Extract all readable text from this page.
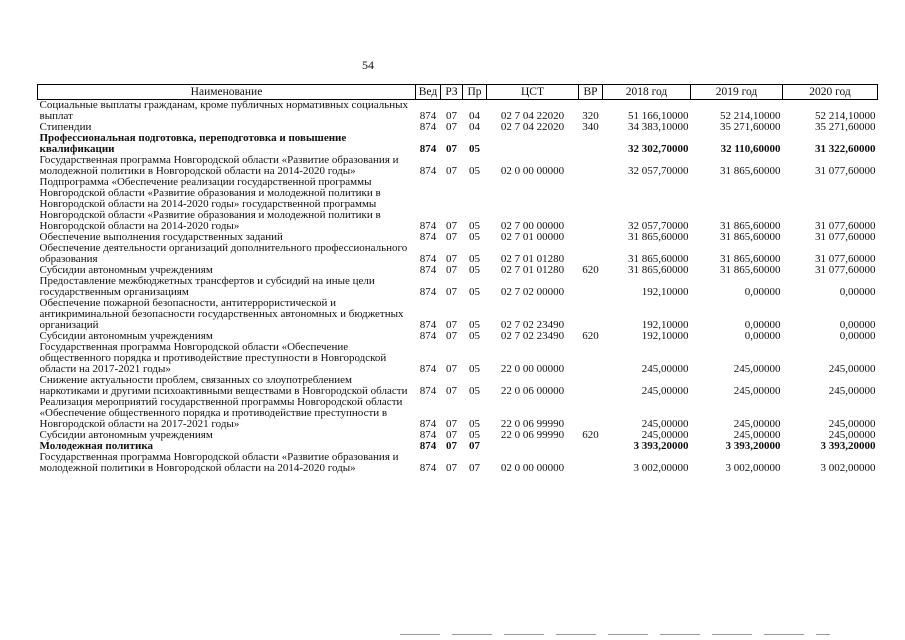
54
Наименование	Вед	РЗ	Пр	ЦСТ	ВР	2018 год	2019 год	2020 год
Социальные выплаты гражданам, кроме публичных нормативных социальных выплат	874	07	04	02 7 04 22020	320	51 166,10000	52 214,10000	52 214,10000
Стипендии	874	07	04	02 7 04 22020	340	34 383,10000	35 271,60000	35 271,60000
Профессиональная подготовка, переподготовка и повышение квалификации	874	07	05			32 302,70000	32 110,60000	31 322,60000
Государственная программа Новгородской области «Развитие образования и молодежной политики в Новгородской области на 2014-2020 годы»	874	07	05	02 0 00 00000		32 057,70000	31 865,60000	31 077,60000
Подпрограмма «Обеспечение реализации государственной программы Новгородской области «Развитие образования и молодежной политики в Новгородской области на 2014-2020 годы» государственной программы Новгородской области «Развитие образования и молодежной политики в Новгородской области на 2014-2020 годы»	874	07	05	02 7 00 00000		32 057,70000	31 865,60000	31 077,60000
Обеспечение выполнения государственных заданий	874	07	05	02 7 01 00000		31 865,60000	31 865,60000	31 077,60000
Обеспечение деятельности организаций дополнительного профессионального образования	874	07	05	02 7 01 01280		31 865,60000	31 865,60000	31 077,60000
Субсидии автономным учреждениям	874	07	05	02 7 01 01280	620	31 865,60000	31 865,60000	31 077,60000
Предоставление межбюджетных трансфертов и субсидий на иные цели государственным организациям	874	07	05	02 7 02 00000		192,10000	0,00000	0,00000
Обеспечение пожарной безопасности, антитеррористической и антикриминальной безопасности государственных автономных и бюджетных организаций	874	07	05	02 7 02 23490		192,10000	0,00000	0,00000
Субсидии автономным учреждениям	874	07	05	02 7 02 23490	620	192,10000	0,00000	0,00000
Государственная программа Новгородской области «Обеспечение общественного порядка и противодействие преступности в Новгородской области на 2017-2021 годы»	874	07	05	22 0 00 00000		245,00000	245,00000	245,00000
Снижение актуальности проблем, связанных со злоупотреблением наркотиками и другими психоактивными веществами в Новгородской области	874	07	05	22 0 06 00000		245,00000	245,00000	245,00000
Реализация мероприятий государственной программы Новгородской области «Обеспечение общественного порядка и противодействие преступности в Новгородской области на 2017-2021 годы»	874	07	05	22 0 06 99990		245,00000	245,00000	245,00000
Субсидии автономным учреждениям	874	07	05	22 0 06 99990	620	245,00000	245,00000	245,00000
Молодежная политика	874	07	07			3 393,20000	3 393,20000	3 393,20000
Государственная программа Новгородской области «Развитие образования и молодежной политики в Новгородской области на 2014-2020 годы»	874	07	07	02 0 00 00000		3 002,00000	3 002,00000	3 002,00000
